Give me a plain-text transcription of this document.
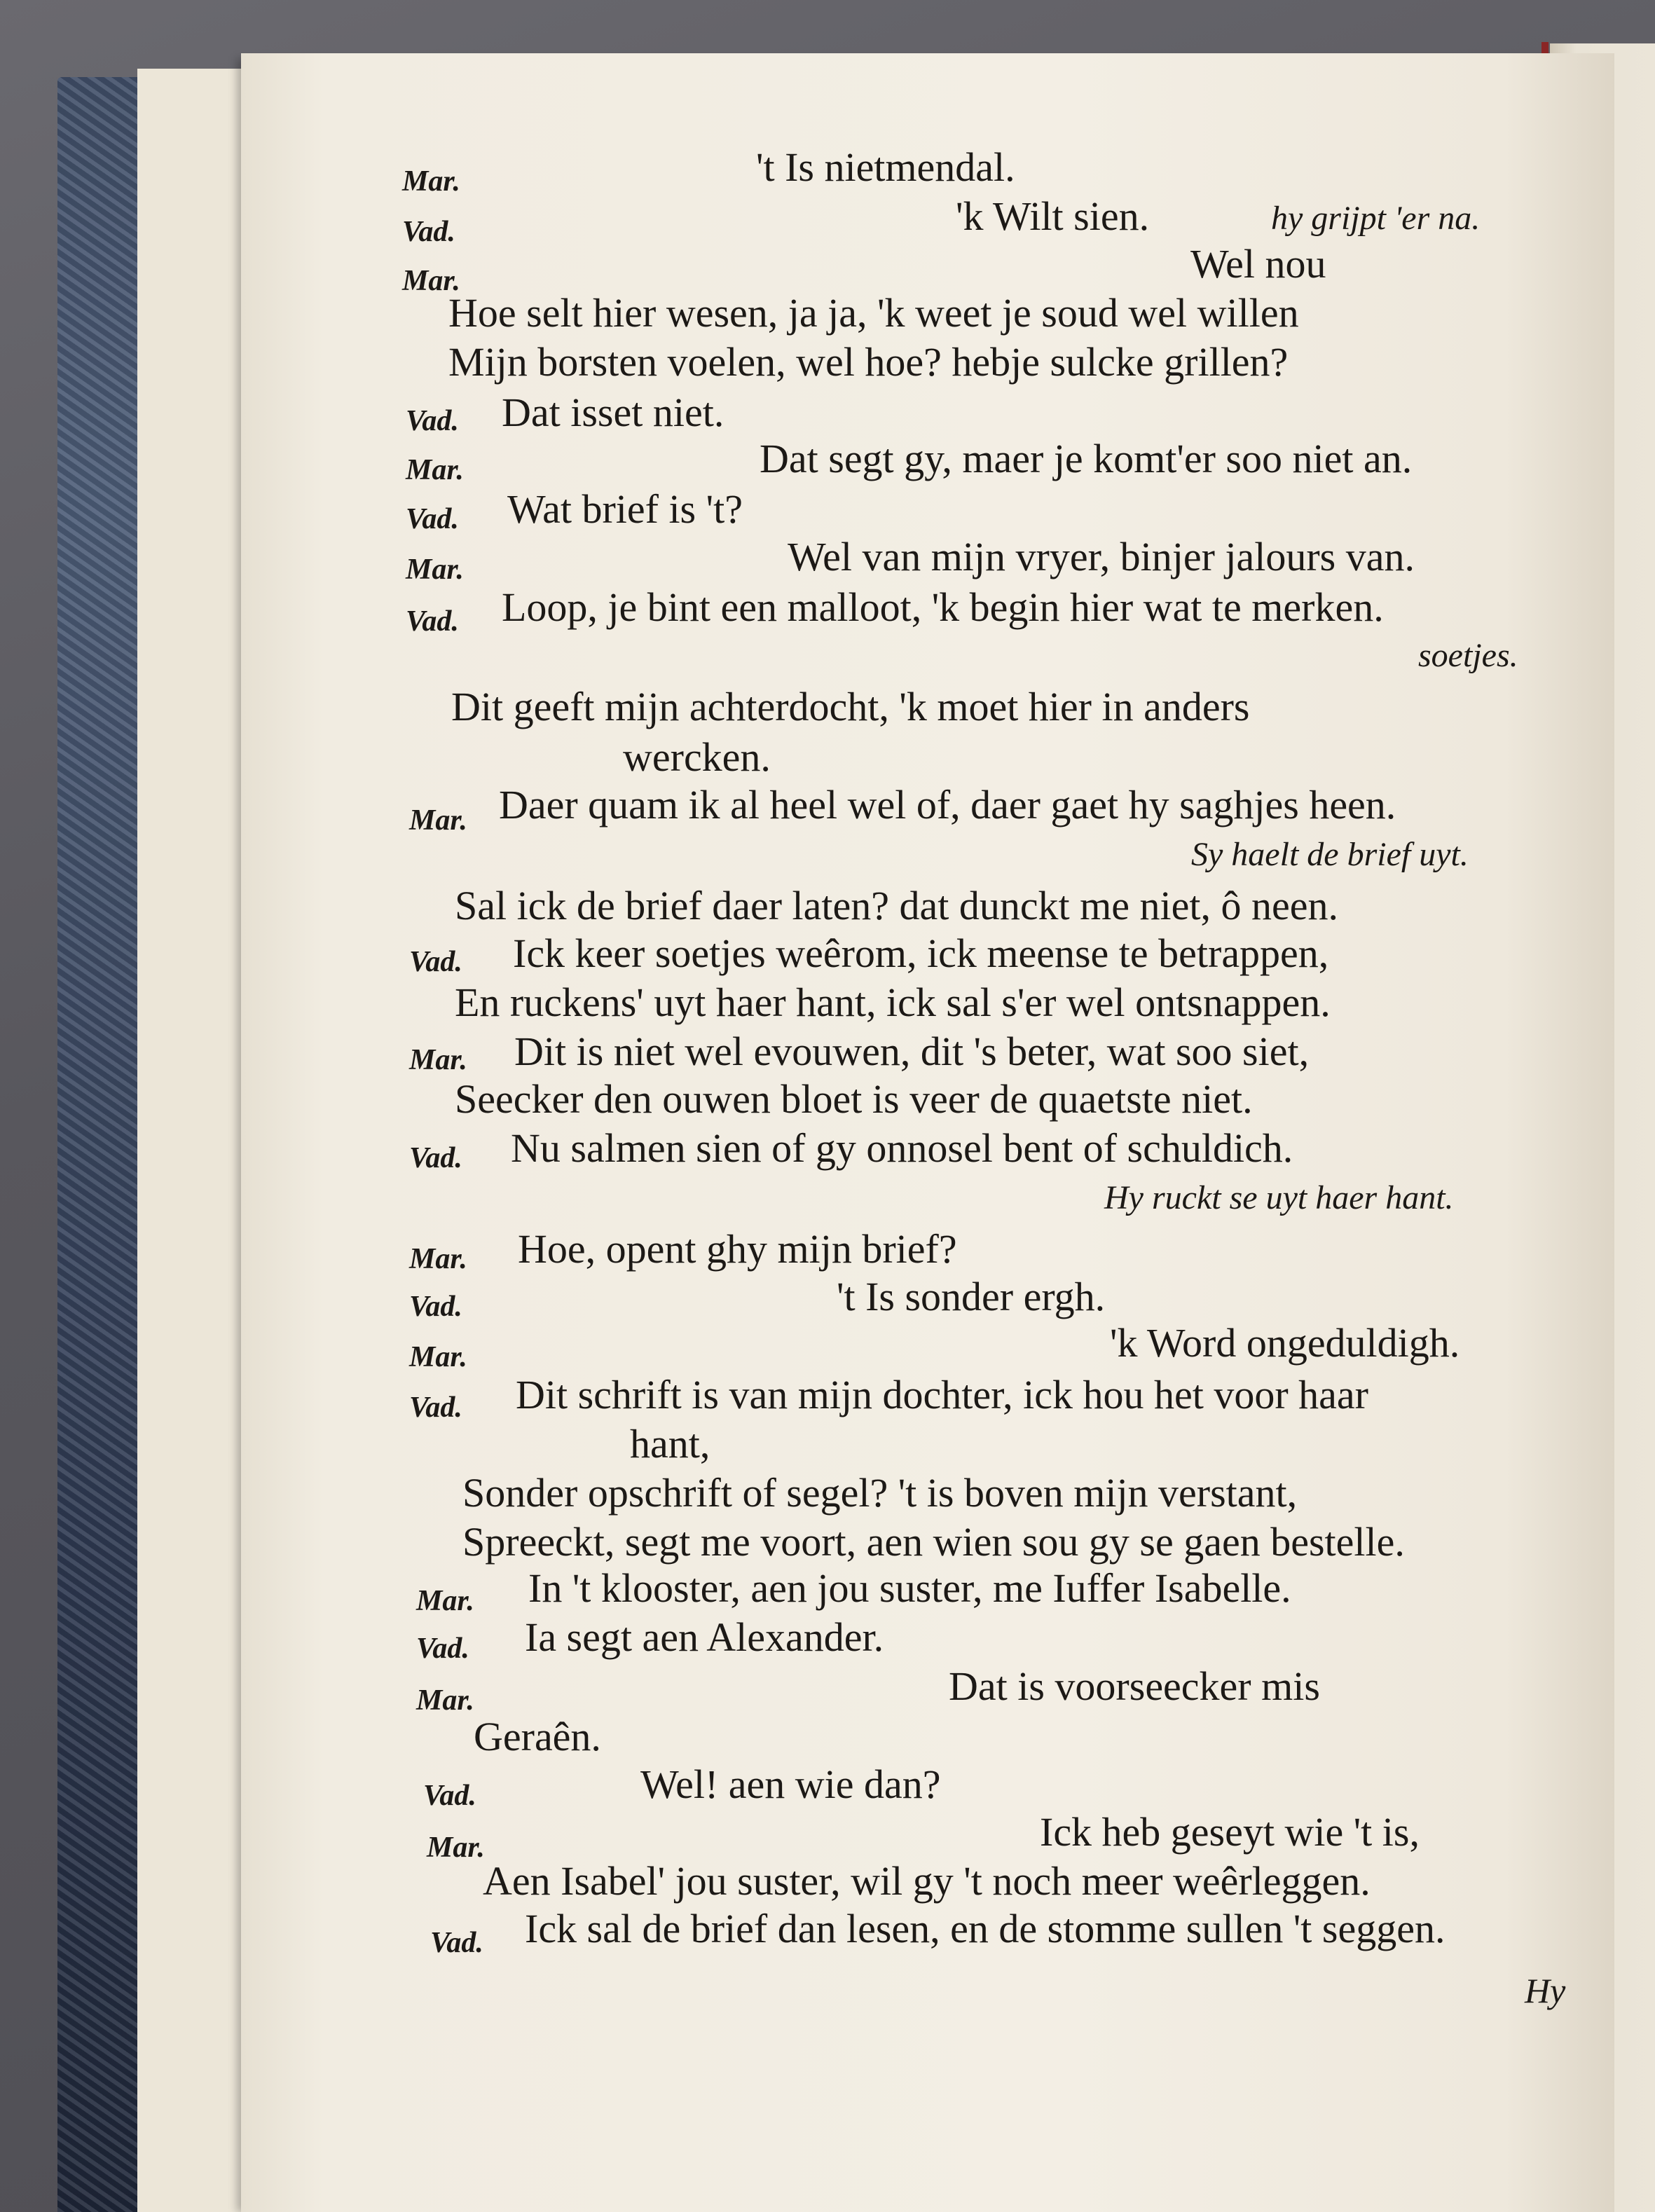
Mar.	't Is nietmendal.
Vad.	'k Wilt sien.	hy grijpt 'er na.
Mar.	Wel nou
Hoe selt hier wesen, ja ja, 'k weet je soud wel willen
Mijn borsten voelen, wel hoe? hebje sulcke grillen?
Vad. Dat isset niet.
Mar.	Dat segt gy, maer je komt'er soo niet an.
Vad. Wat brief is 't?
Mar.	Wel van mijn vryer, binjer jalours van.
Vad. Loop, je bint een malloot, 'k begin hier wat te merken.
soetjes.
Dit geeft mijn achterdocht, 'k moet hier in anders
wercken.
Mar. Daer quam ik al heel wel of, daer gaet hy saghjes heen.
Sy haelt de brief uyt.
Sal ick de brief daer laten? dat dunckt me niet, ô neen.
Vad. Ick keer soetjes weêrom, ick meense te betrappen,
En ruckens' uyt haer hant, ick sal s'er wel ontsnappen.
Mar. Dit is niet wel evouwen, dit 's beter, wat soo siet,
Seecker den ouwen bloet is veer de quaetste niet.
Vad. Nu salmen sien of gy onnosel bent of schuldich.
Hy ruckt se uyt haer hant.
Mar. Hoe, opent ghy mijn brief?
Vad.	't Is sonder ergh.
Mar.	'k Word ongeduldigh.
Vad. Dit schrift is van mijn dochter, ick hou het voor haar
hant,
Sonder opschrift of segel? 't is boven mijn verstant,
Spreeckt, segt me voort, aen wien sou gy se gaen bestelle.
Mar. In 't klooster, aen jou suster, me Iuffer Isabelle.
Vad. Ia segt aen Alexander.
Mar.	Dat is voorseecker mis
Geraên.
Vad.	Wel! aen wie dan?
Mar.	Ick heb geseyt wie 't is,
Aen Isabel' jou suster, wil gy 't noch meer weêrleggen.
Vad. Ick sal de brief dan lesen, en de stomme sullen 't seggen.
Hy
